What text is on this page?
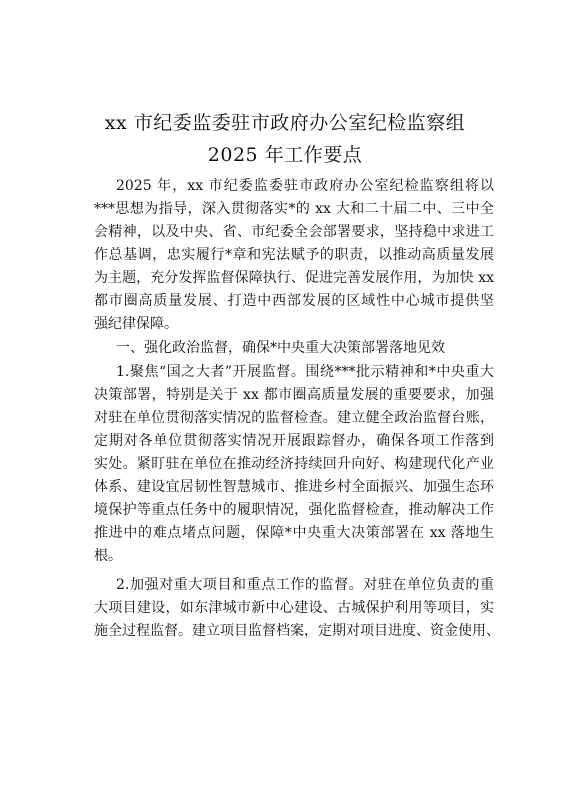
xx 市纪委监委驻市政府办公室纪检监察组
2025 年工作要点
2025 年，xx 市纪委监委驻市政府办公室纪检监察组将以
***思想为指导，深入贯彻落实*的 xx 大和二十届二中、三中全
会精神，以及中央、省、市纪委全会部署要求，坚持稳中求进工
作总基调，忠实履行*章和宪法赋予的职责，以推动高质量发展
为主题，充分发挥监督保障执行、促进完善发展作用，为加快 xx
都市圈高质量发展、打造中西部发展的区域性中心城市提供坚
强纪律保障。
一、强化政治监督，确保*中央重大决策部署落地见效
1.聚焦“国之大者”开展监督。围绕***批示精神和*中央重大
决策部署，特别是关于 xx 都市圈高质量发展的重要要求，加强
对驻在单位贯彻落实情况的监督检查。建立健全政治监督台账，
定期对各单位贯彻落实情况开展跟踪督办，确保各项工作落到
实处。紧盯驻在单位在推动经济持续回升向好、构建现代化产业
体系、建设宜居韧性智慧城市、推进乡村全面振兴、加强生态环
境保护等重点任务中的履职情况，强化监督检查，推动解决工作
推进中的难点堵点问题，保障*中央重大决策部署在 xx 落地生
根。
2.加强对重大项目和重点工作的监督。对驻在单位负责的重
大项目建设，如东津城市新中心建设、古城保护利用等项目，实
施全过程监督。建立项目监督档案，定期对项目进度、资金使用、
